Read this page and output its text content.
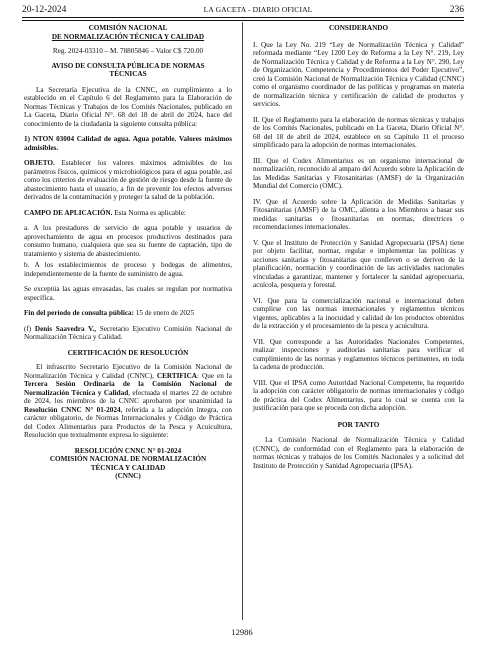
20-12-2024	LA GACETA - DIARIO OFICIAL	236
COMISIÓN NACIONAL
DE NORMALIZACIÓN TÉCNICA Y CALIDAD
Reg. 2024-03310 – M. 78805846 – Valor C$ 720.00
AVISO DE CONSULTA PÚBLICA DE NORMAS TÉCNICAS

La Secretaría Ejecutiva de la CNNC, en cumplimiento a lo establecido en el Capítulo 6 del Reglamento para la Elaboración de Normas Técnicas y Trabajos de los Comités Nacionales, publicado en La Gaceta, Diario Oficial N°. 68 del 18 de abril de 2024, hace del conocimiento de la ciudadanía la siguiente consulta pública:

1) NTON 03004 Calidad de agua. Agua potable. Valores máximos admisibles.

OBJETO. Establecer los valores máximos admisibles de los parámetros físicos, químicos y microbiológicos para el agua potable, así como los criterios de evaluación de gestión de riesgo desde la fuente de abastecimiento hasta el usuario, a fin de prevenir los efectos adversos derivados de la contaminación y proteger la salud de la población.

CAMPO DE APLICACIÓN. Esta Norma es aplicable:

a. A los prestadores de servicio de agua potable y usuarios de aprovechamiento de agua en procesos productivos destinados para consumo humano, cualquiera que sea su fuente de captación, tipo de tratamiento y sistema de abastecimiento.

b. A los establecimientos de proceso y bodegas de alimentos, independientemente de la fuente de suministro de agua.

Se exceptúa las aguas envasadas, las cuales se regulan por normativa específica.

Fin del período de consulta pública: 15 de enero de 2025

(f) Denis Saavedra V., Secretario Ejecutivo Comisión Nacional de Normalización Técnica y Calidad.

CERTIFICACIÓN DE RESOLUCIÓN

El infrascrito Secretario Ejecutivo de la Comisión Nacional de Normalización Técnica y Calidad (CNNC), CERTIFICA: Que en la Tercera Sesión Ordinaria de la Comisión Nacional de Normalización Técnica y Calidad, efectuada el martes 22 de octubre de 2024, los miembros de la CNNC aprobaron por unanimidad la Resolución CNNC N° 01-2024, referida a la adopción íntegra, con carácter obligatorio, de Normas Internacionales y Código de Práctica del Codex Alimentarius para Productos de la Pesca y Acuicultura, Resolución que textualmente expresa lo siguiente:

RESOLUCIÓN CNNC N° 01-2024
COMISIÓN NACIONAL DE NORMALIZACIÓN
TÉCNICA Y CALIDAD
(CNNC)
CONSIDERANDO

I. Que la Ley No. 219 “Ley de Normalización Técnica y Calidad” reformada mediante “Ley 1200 Ley de Reforma a la Ley N°. 219, Ley de Normalización Técnica y Calidad y de Reforma a la Ley N°. 290, Ley de Organización, Competencia y Procedimientos del Poder Ejecutivo”, creó la Comisión Nacional de Normalización Técnica y Calidad (CNNC) como el organismo coordinador de las políticas y programas en materia de normalización técnica y certificación de calidad de productos y servicios.

II. Que el Reglamento para la elaboración de normas técnicas y trabajos de los Comités Nacionales, publicado en La Gaceta, Diario Oficial N°. 68 del 18 de abril de 2024, establece en su Capítulo 11 el proceso simplificado para la adopción de normas internacionales.

III. Que el Codex Alimentarius es un organismo internacional de normalización, reconocido al amparo del Acuerdo sobre la Aplicación de las Medidas Sanitarias y Fitosanitarias (AMSF) de la Organización Mundial del Comercio (OMC).

IV. Que el Acuerdo sobre la Aplicación de Medidas Sanitarias y Fitosanitarias (AMSF) de la OMC, alienta a los Miembros a basar sus medidas sanitarias o fitosanitarias en normas, directrices o recomendaciones internacionales.

V. Que el Instituto de Protección y Sanidad Agropecuaria (IPSA) tiene por objeto facilitar, normar, regular e implementar las políticas y acciones sanitarias y fitosanitarias que conlleven o se deriven de la planificación, normación y coordinación de las actividades nacionales vinculadas a garantizar, mantener y fortalecer la sanidad agropecuaria, acuícola, pesquera y forestal.

VI. Que para la comercialización nacional e internacional deben cumplirse con las normas internacionales y reglamentos técnicos vigentes, aplicables a la inocuidad y calidad de los productos obtenidos de la extracción y el procesamiento de la pesca y acuicultura.

VII. Que corresponde a las Autoridades Nacionales Competentes, realizar inspecciones y auditorías sanitarias para verificar el cumplimiento de las normas y reglamentos técnicos pertinentes, en toda la cadena de producción.

VIII. Que el IPSA como Autoridad Nacional Competente, ha requerido la adopción con carácter obligatorio de normas internacionales y código de práctica del Codex Alimentarius, para lo cual se cuenta con la justificación para que se proceda con dicha adopción.

POR TANTO

La Comisión Nacional de Normalización Técnica y Calidad (CNNC), de conformidad con el Reglamento para la elaboración de normas técnicas y trabajos de los Comités Nacionales y a solicitud del Instituto de Protección y Sanidad Agropecuaria (IPSA).

12986
